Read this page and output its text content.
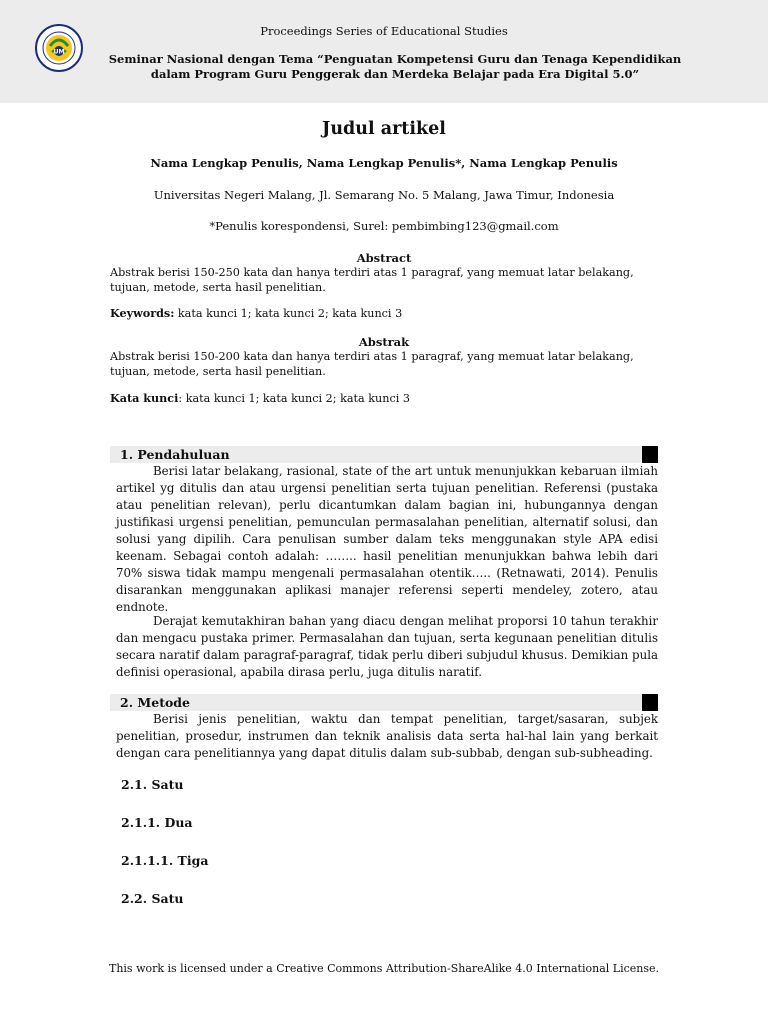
UM
Proceedings Series of Educational Studies
Seminar Nasional dengan Tema “Penguatan Kompetensi Guru dan Tenaga Kependidikan
dalam Program Guru Penggerak dan Merdeka Belajar pada Era Digital 5.0”
Judul artikel
Nama Lengkap Penulis, Nama Lengkap Penulis*, Nama Lengkap Penulis
Universitas Negeri Malang, Jl. Semarang No. 5 Malang, Jawa Timur, Indonesia
*Penulis korespondensi, Surel: pembimbing123@gmail.com
Abstract
Abstrak berisi 150-250 kata dan hanya terdiri atas 1 paragraf, yang memuat latar belakang, tujuan, metode, serta hasil penelitian.
Keywords: kata kunci 1; kata kunci 2; kata kunci 3
Abstrak
Abstrak berisi 150-200 kata dan hanya terdiri atas 1 paragraf, yang memuat latar belakang, tujuan, metode, serta hasil penelitian.
Kata kunci: kata kunci 1; kata kunci 2; kata kunci 3
1. Pendahuluan
Berisi latar belakang, rasional, state of the art untuk menunjukkan kebaruan ilmiah artikel yg ditulis dan atau urgensi penelitian serta tujuan penelitian. Referensi (pustaka atau penelitian relevan), perlu dicantumkan dalam bagian ini, hubungannya dengan justifikasi urgensi penelitian, pemunculan permasalahan penelitian, alternatif solusi, dan solusi yang dipilih. Cara penulisan sumber dalam teks menggunakan style APA edisi keenam. Sebagai contoh adalah: …….. hasil penelitian menunjukkan bahwa lebih dari 70% siswa tidak mampu mengenali permasalahan otentik….. (Retnawati, 2014). Penulis disarankan menggunakan aplikasi manajer referensi seperti mendeley, zotero, atau endnote.
Derajat kemutakhiran bahan yang diacu dengan melihat proporsi 10 tahun terakhir dan mengacu pustaka primer. Permasalahan dan tujuan, serta kegunaan penelitian ditulis secara naratif dalam paragraf-paragraf, tidak perlu diberi subjudul khusus. Demikian pula definisi operasional, apabila dirasa perlu, juga ditulis naratif.
2. Metode
Berisi jenis penelitian, waktu dan tempat penelitian, target/sasaran, subjek penelitian, prosedur, instrumen dan teknik analisis data serta hal-hal lain yang berkait dengan cara penelitiannya yang dapat ditulis dalam sub-subbab, dengan sub-subheading.
2.1. Satu
2.1.1. Dua
2.1.1.1. Tiga
2.2. Satu
This work is licensed under a Creative Commons Attribution-ShareAlike 4.0 International License.
